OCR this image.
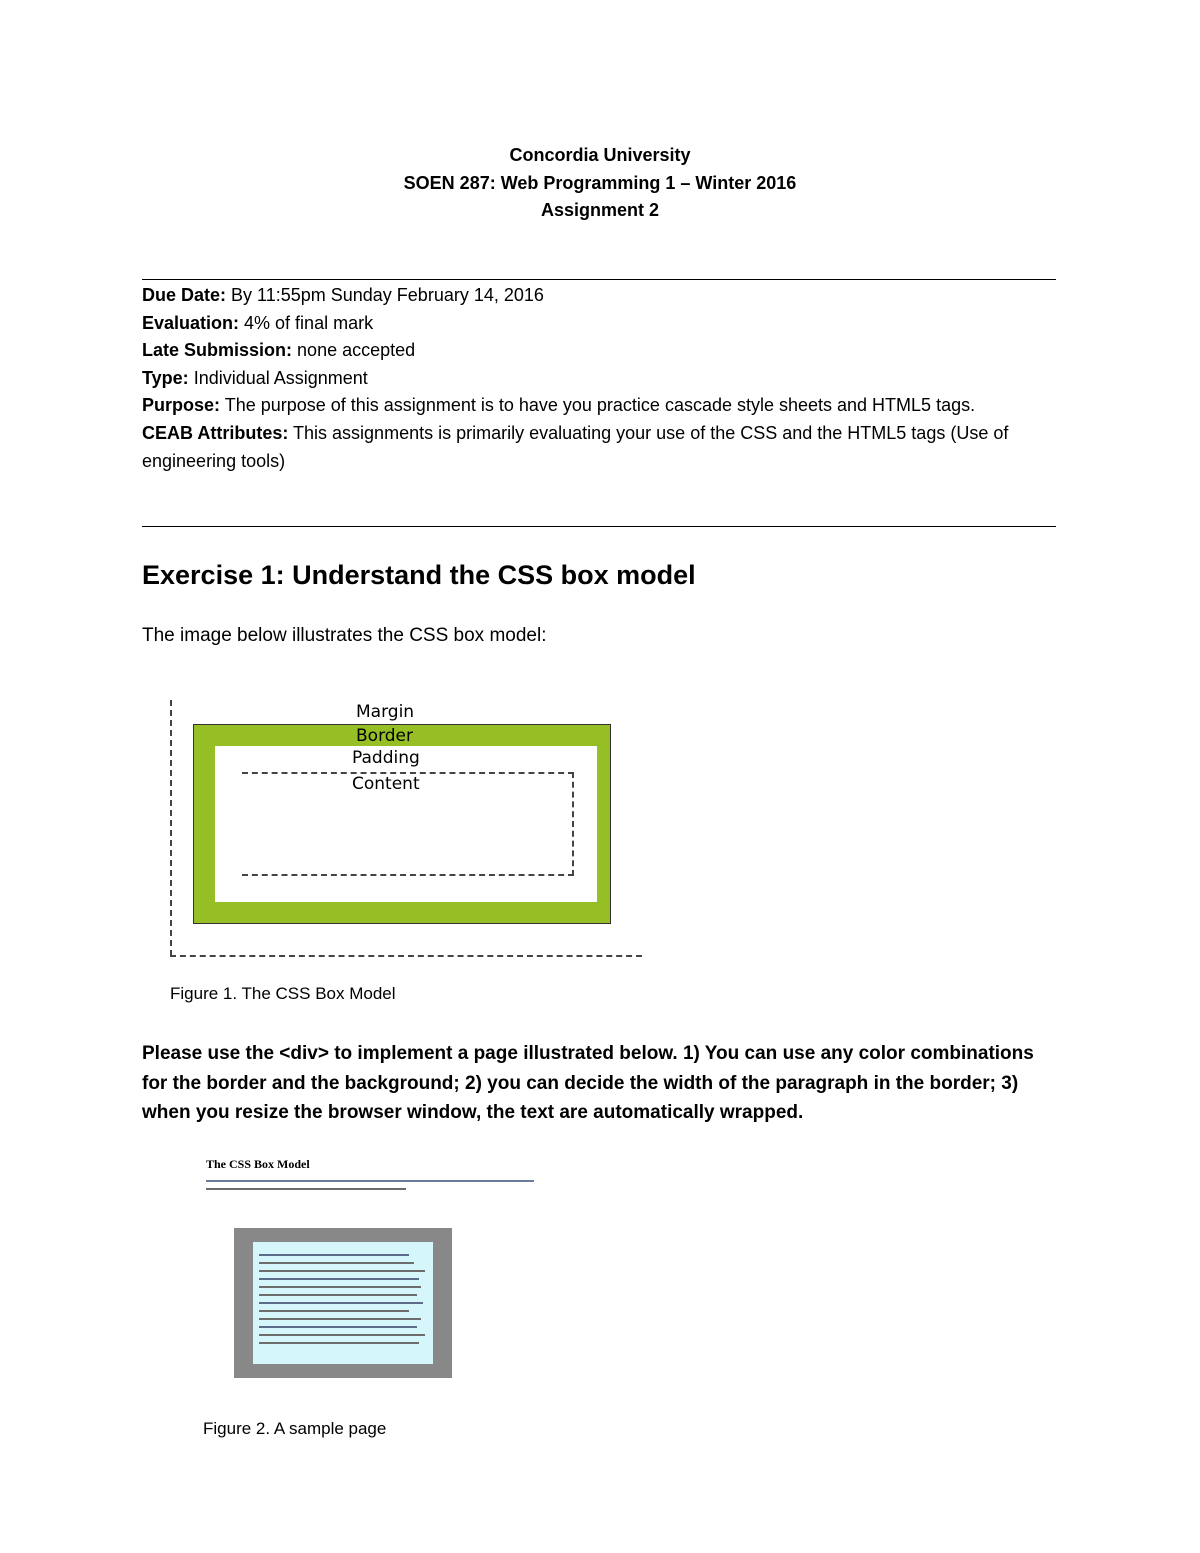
Concordia University
SOEN 287: Web Programming 1 – Winter 2016
Assignment 2

Due Date: By 11:55pm Sunday February 14, 2016

Evaluation: 4% of final mark

Late Submission: none accepted

Type: Individual Assignment

Purpose: The purpose of this assignment is to have you practice cascade style sheets and HTML5 tags.

CEAB Attributes: This assignments is primarily evaluating your use of the CSS and the HTML5 tags (Use of engineering tools)

Exercise 1: Understand the CSS box model
The image below illustrates the CSS box model:
Margin
Border
Padding
Content
Figure 1. The CSS Box Model
Please use the <div> to implement a page illustrated below. 1) You can use any color combinations for the border and the background; 2) you can decide the width of the paragraph in the border; 3) when you resize the browser window, the text are automatically wrapped.
The CSS Box Model
Figure 2. A sample page
